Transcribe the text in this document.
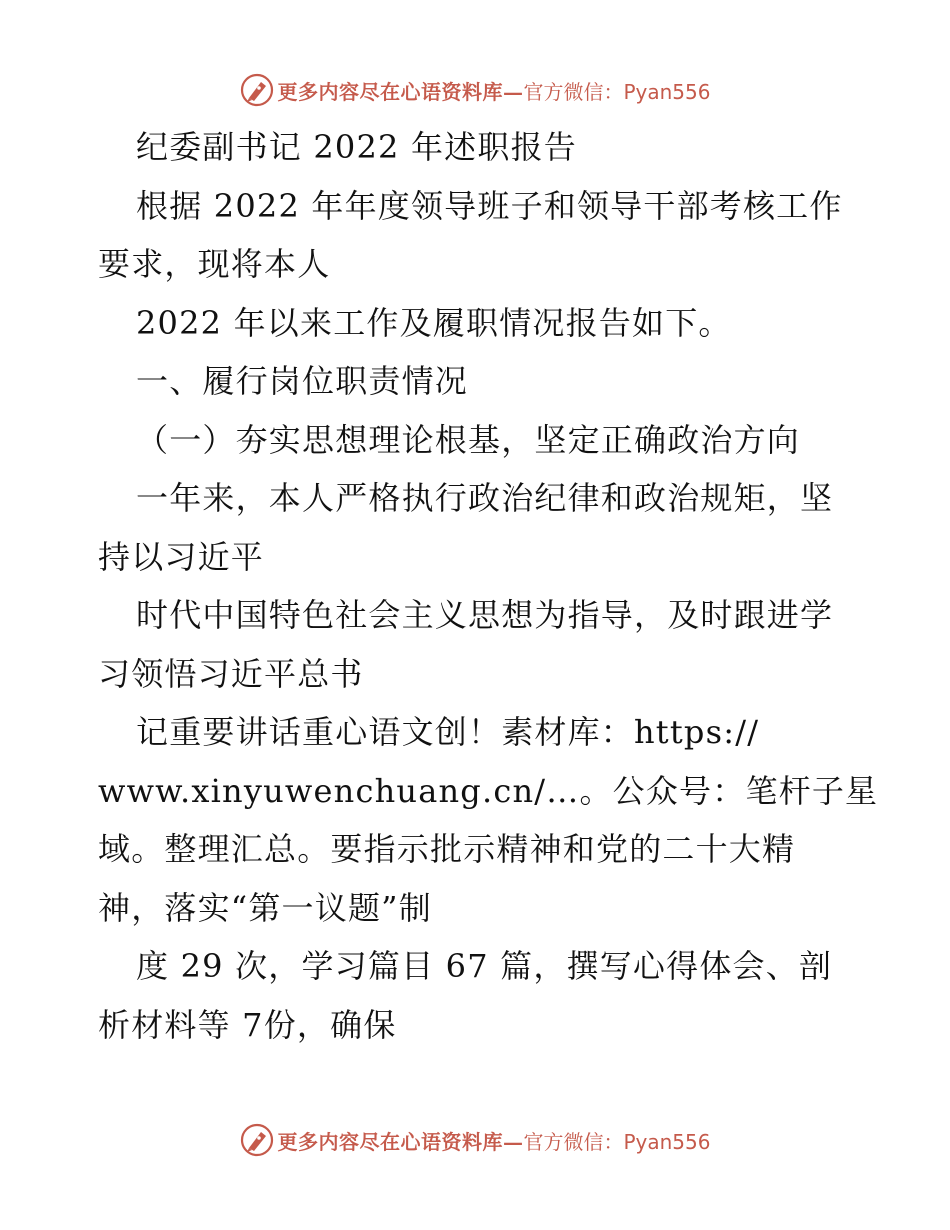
更多内容尽在心语资料库— 官方微信：Pyan556
纪委副书记 2022 年述职报告
根据 2022 年年度领导班子和领导干部考核工作
要求，现将本人
2022 年以来工作及履职情况报告如下。
一、履行岗位职责情况
（一）夯实思想理论根基，坚定正确政治方向
一年来，本人严格执行政治纪律和政治规矩，坚
持以习近平
时代中国特色社会主义思想为指导，及时跟进学
习领悟习近平总书
记重要讲话重心语文创！素材库：https://
www.xinyuwenchuang.cn/…。公众号：笔杆子星
域。整理汇总。要指示批示精神和党的二十大精
神，落实“第一议题”制
度 29 次，学习篇目 67 篇，撰写心得体会、剖
析材料等 7份，确保
更多内容尽在心语资料库— 官方微信：Pyan556
